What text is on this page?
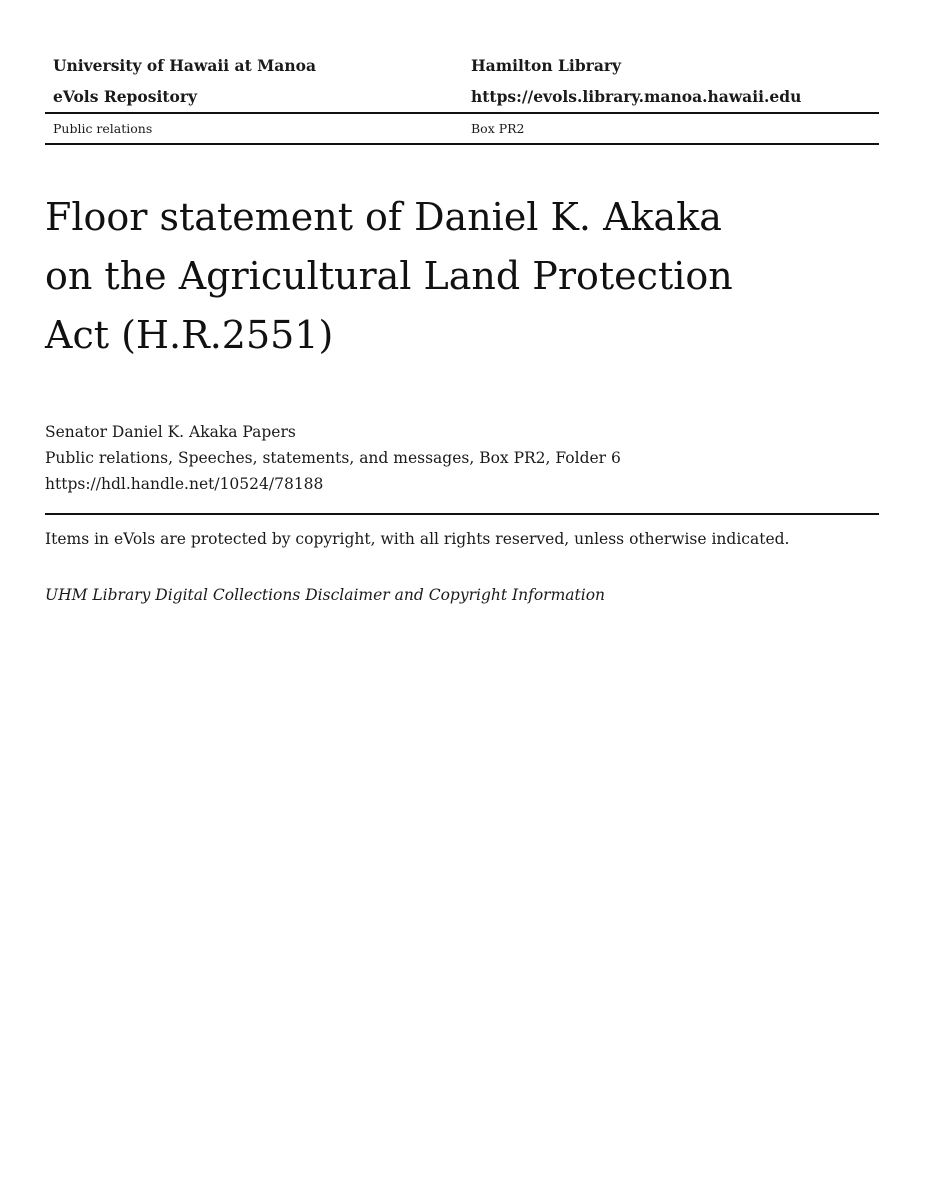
University of Hawaii at Manoa	Hamilton Library
eVols Repository	https://evols.library.manoa.hawaii.edu
Public relations	Box PR2
Floor statement of Daniel K. Akaka
on the Agricultural Land Protection
Act (H.R.2551)
Senator Daniel K. Akaka Papers
Public relations, Speeches, statements, and messages, Box PR2, Folder 6
https://hdl.handle.net/10524/78188
Items in eVols are protected by copyright, with all rights reserved, unless otherwise indicated.
UHM Library Digital Collections Disclaimer and Copyright Information
